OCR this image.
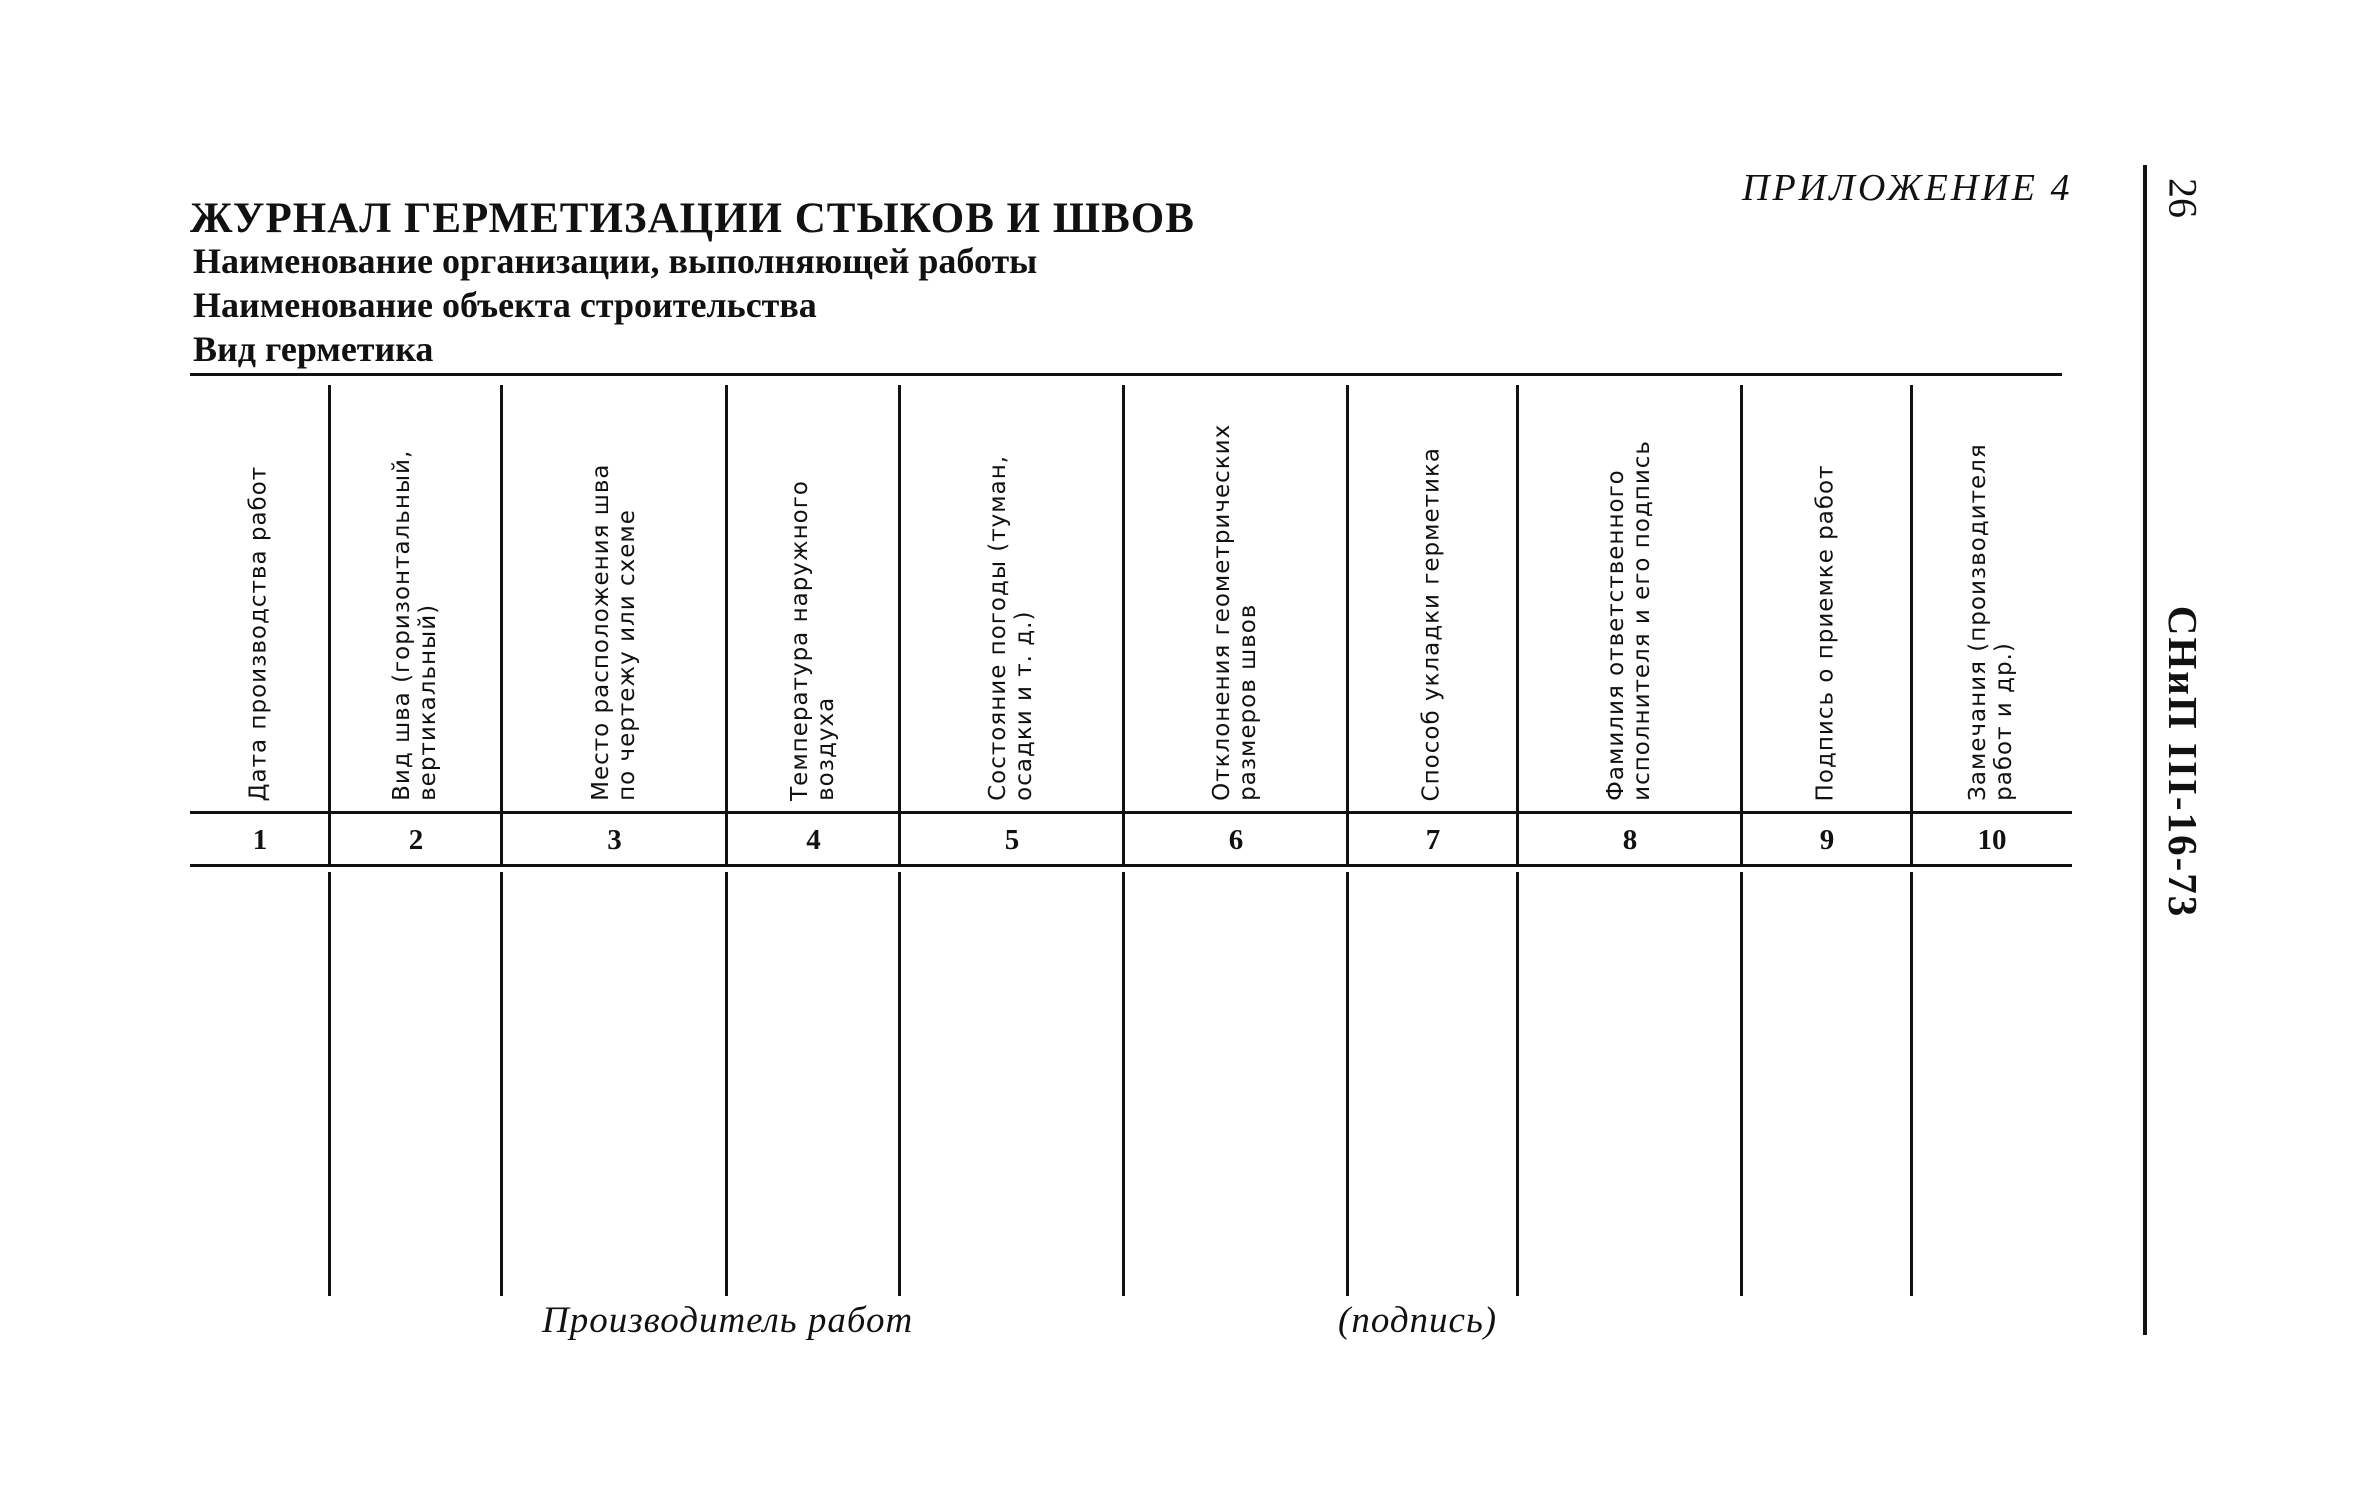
ЖУРНАЛ ГЕРМЕТИЗАЦИИ СТЫКОВ И ШВОВ
Наименование организации, выполняющей работы
Наименование объекта строительства
Вид герметика
ПРИЛОЖЕНИЕ 4 26
СНиП III-16-73
Дата производства работ
1
Вид шва (горизонтальный, вертикальный)
2
Место расположения шва по чертежу или схеме
3
Температура наружного воздуха
4
Состояние погоды (туман, осадки и т. д.)
5
Отклонения геометрических размеров швов
6
Способ укладки герметика
7
Фамилия ответственного исполнителя и его подпись
8
Подпись о приемке работ
9
Замечания (производителя работ и др.)
10
Производитель работ	(подпись)
